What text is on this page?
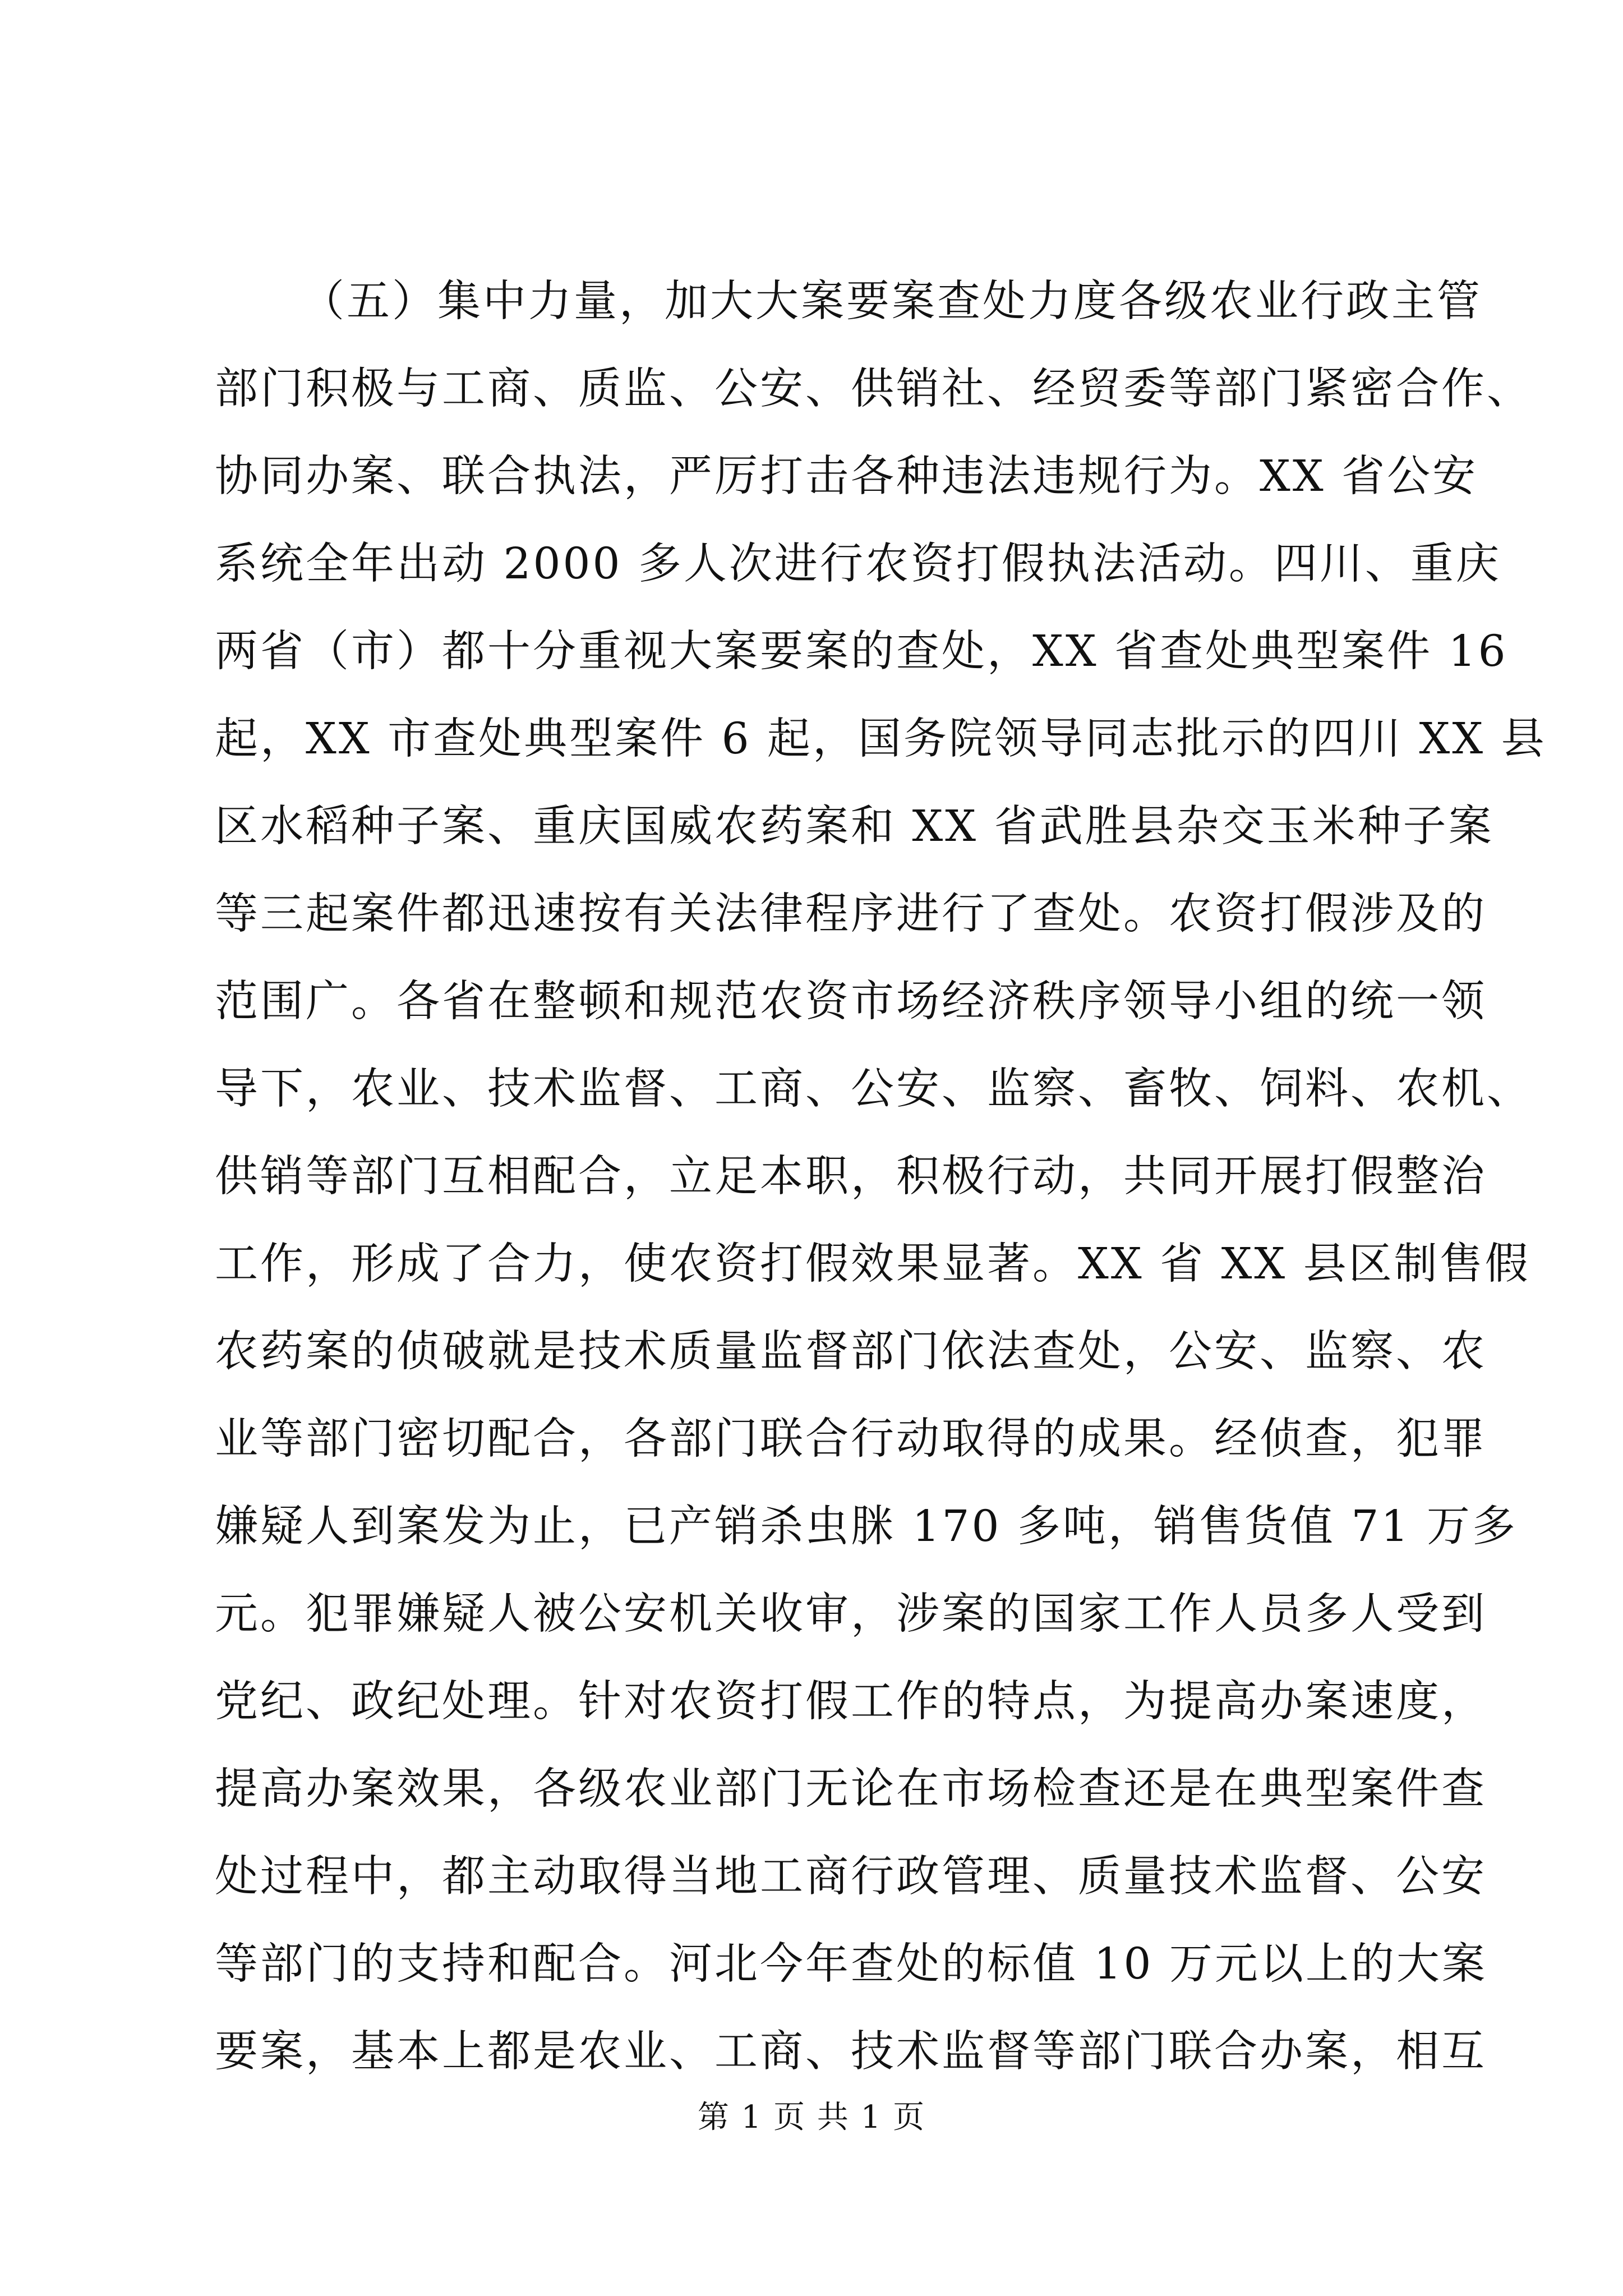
（五）集中力量，加大大案要案查处力度各级农业行政主管
部门积极与工商、质监、公安、供销社、经贸委等部门紧密合作、
协同办案、联合执法，严厉打击各种违法违规行为。XX 省公安
系统全年出动 2000 多人次进行农资打假执法活动。四川、重庆
两省（市）都十分重视大案要案的查处，XX 省查处典型案件 16
起，XX 市查处典型案件 6 起，国务院领导同志批示的四川 XX 县
区水稻种子案、重庆国威农药案和 XX 省武胜县杂交玉米种子案
等三起案件都迅速按有关法律程序进行了查处。农资打假涉及的
范围广。各省在整顿和规范农资市场经济秩序领导小组的统一领
导下，农业、技术监督、工商、公安、监察、畜牧、饲料、农机、
供销等部门互相配合，立足本职，积极行动，共同开展打假整治
工作，形成了合力，使农资打假效果显著。XX 省 XX 县区制售假
农药案的侦破就是技术质量监督部门依法查处，公安、监察、农
业等部门密切配合，各部门联合行动取得的成果。经侦查，犯罪
嫌疑人到案发为止，已产销杀虫脒 170 多吨，销售货值 71 万多
元。犯罪嫌疑人被公安机关收审，涉案的国家工作人员多人受到
党纪、政纪处理。针对农资打假工作的特点，为提高办案速度，
提高办案效果，各级农业部门无论在市场检查还是在典型案件查
处过程中，都主动取得当地工商行政管理、质量技术监督、公安
等部门的支持和配合。河北今年查处的标值 10 万元以上的大案
要案，基本上都是农业、工商、技术监督等部门联合办案，相互
第 1 页 共 1 页
